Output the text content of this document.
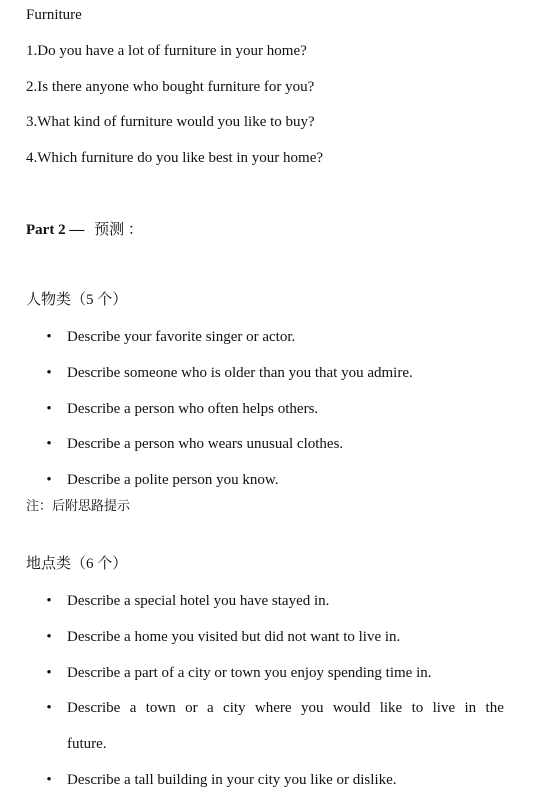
Furniture
1.Do you have a lot of furniture in your home?
2.Is there anyone who bought furniture for you?
3.What kind of furniture would you like to buy?
4.Which furniture do you like best in your home?
Part 2 — 预测 ：
人物类（5 个）
• Describe your favorite singer or actor.
• Describe someone who is older than you that you admire.
• Describe a person who often helps others.
• Describe a person who wears unusual clothes.
• Describe a polite person you know.
注：后附思路提示
地点类（6 个）
• Describe a special hotel you have stayed in.
• Describe a home you visited but did not want to live in.
• Describe a part of a city or town you enjoy spending time in.
• Describe a town or a city where you would like to live in the
future.
• Describe a tall building in your city you like or dislike.
